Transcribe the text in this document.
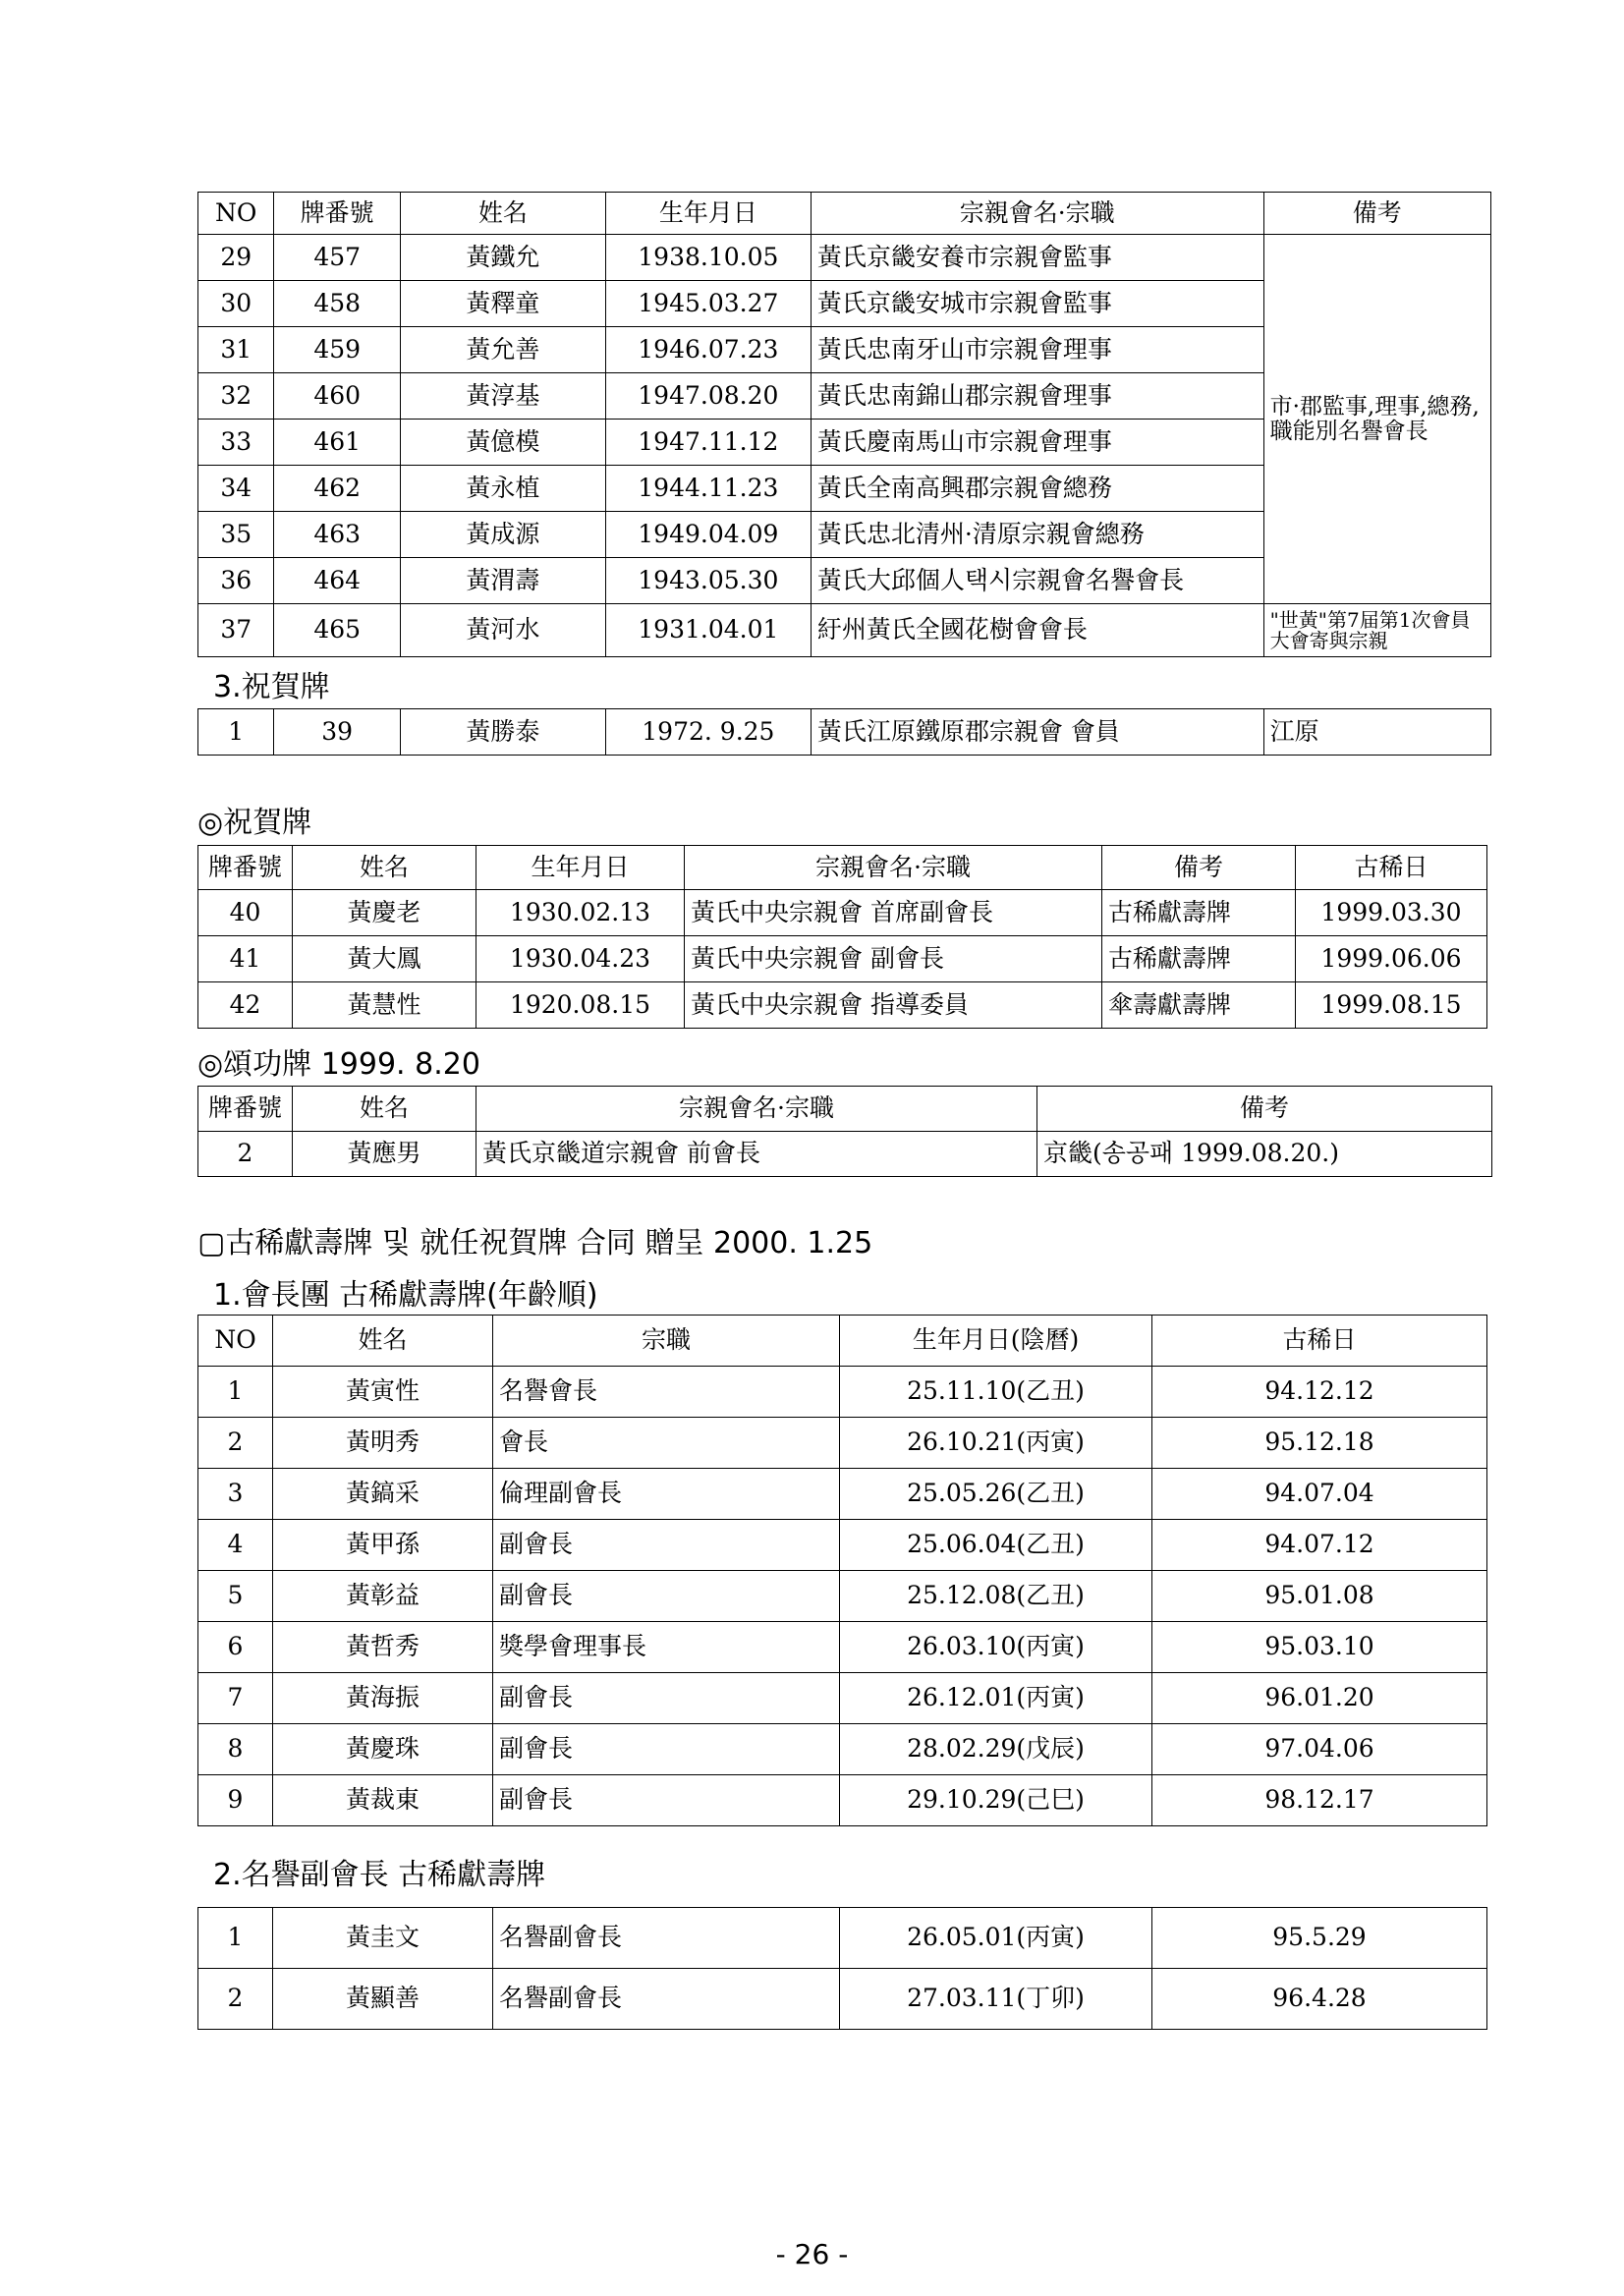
NO	牌番號	姓名	生年月日	宗親會名·宗職	備考
29	457	黃鐵允	1938.10.05	黃氏京畿安養市宗親會監事	市·郡監事,理事,總務,職能別名譽會長
30	458	黃釋童	1945.03.27	黃氏京畿安城市宗親會監事	
31	459	黃允善	1946.07.23	黃氏忠南牙山市宗親會理事	
32	460	黃淳基	1947.08.20	黃氏忠南錦山郡宗親會理事	
33	461	黃億模	1947.11.12	黃氏慶南馬山市宗親會理事	
34	462	黃永植	1944.11.23	黃氏全南高興郡宗親會總務	
35	463	黃成源	1949.04.09	黃氏忠北清州·清原宗親會總務	
36	464	黃渭壽	1943.05.30	黃氏大邱個人택시宗親會名譽會長	
37	465	黃河水	1931.04.01	紆州黃氏全國花樹會會長	"世黃"第7届第1次會員大會寄與宗親
3.祝賀牌
1	39	黃勝泰	1972. 9.25	黃氏江原鐵原郡宗親會 會員	江原
◎祝賀牌
牌番號	姓名	生年月日	宗親會名·宗職	備考	古稀日
40	黃慶老	1930.02.13	黃氏中央宗親會 首席副會長	古稀獻壽牌	1999.03.30
41	黃大鳳	1930.04.23	黃氏中央宗親會 副會長	古稀獻壽牌	1999.06.06
42	黃慧性	1920.08.15	黃氏中央宗親會 指導委員	傘壽獻壽牌	1999.08.15
◎頌功牌 1999. 8.20
牌番號	姓名	宗親會名·宗職	備考
2	黃應男	黃氏京畿道宗親會 前會長	京畿(송공패 1999.08.20.)
▢古稀獻壽牌 및 就任祝賀牌 合同 贈呈 2000. 1.25
1.會長團 古稀獻壽牌(年齡順)
NO	姓名	宗職	生年月日(陰曆)	古稀日
1	黃寅性	名譽會長	25.11.10(乙丑)	94.12.12
2	黃明秀	會長	26.10.21(丙寅)	95.12.18
3	黃鎬采	倫理副會長	25.05.26(乙丑)	94.07.04
4	黃甲孫	副會長	25.06.04(乙丑)	94.07.12
5	黃彰益	副會長	25.12.08(乙丑)	95.01.08
6	黃哲秀	獎學會理事長	26.03.10(丙寅)	95.03.10
7	黃海振	副會長	26.12.01(丙寅)	96.01.20
8	黃慶珠	副會長	28.02.29(戊辰)	97.04.06
9	黃裁東	副會長	29.10.29(己巳)	98.12.17
2.名譽副會長 古稀獻壽牌
1	黃圭文	名譽副會長	26.05.01(丙寅)	95.5.29
2	黃顯善	名譽副會長	27.03.11(丁卯)	96.4.28
- 26 -
